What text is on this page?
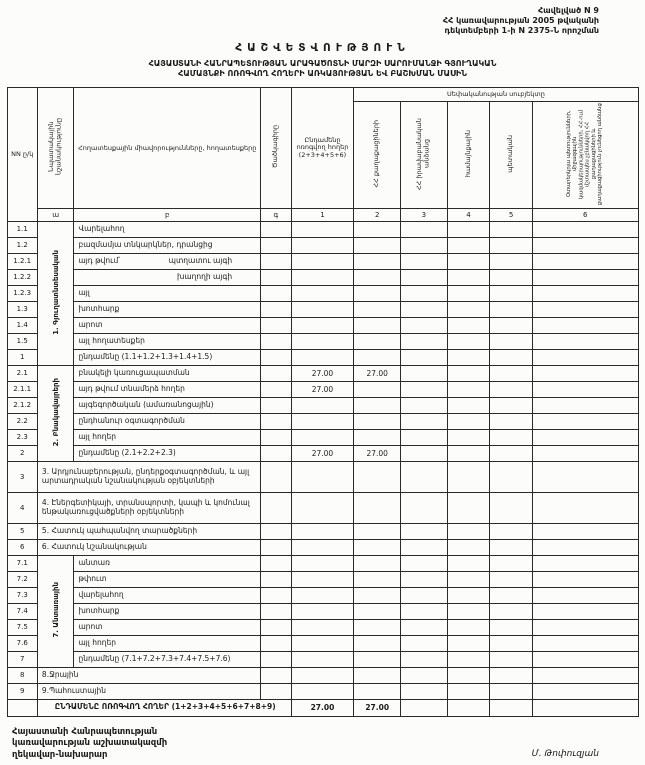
Հավելված N 9
ՀՀ կառավարության 2005 թվականի
դեկտեմբերի 1-ի N 2375-Ն որոշման
ՀԱՇՎԵՏՎՈՒԹՅՈՒՆ
ՀԱՅԱՍՏԱՆԻ ՀԱՆՐԱՊԵՏՈՒԹՅԱՆ ԱՐԱԳԱԾՈՏՆԻ ՄԱՐԶԻ ՍԱՐՈՒՄԱՆՋԻ ԳՅՈՒՂԱԿԱՆ
ՀԱՄԱՅՆՔԻ ՈՌՈԳՎՈՂ ՀՈՂԵՐԻ ԱՌԿԱՅՈՒԹՅԱՆ ԵՎ ԲԱՇԽՄԱՆ ՄԱՍԻՆ
NN ը/կ	Նպատակային նշանակությունը	Հողատեսքային միավորությունները, հողատեսքերը	Ծածկագիրը	Ընդամենը ոռոգվող հողեր (2+3+4+5+6)	Սեփականության սուբյեկտը				
					ՀՀ քաղաքացիների	ՀՀ իրավաբանական անձանց	համայնքային	պետական	Օտարերկրյա պետությունների, միջազգային կազմակերպությունների, ՀՀ-ում մշտապես չբնակվող ՀՀ քաղաքացիների և քաղաքացիություն չունեցող անձանց
	ա	բ	գ	1	2	3	4	5	6
1.1	1. Գյուղատնտեսական	Վարելահող							
1.2		բազմամյա տնկարկներ, դրանցից							
1.2.1		այդ թվում՝ պտղատու այգի							

1.2.2		խաղողի այգի							

1.2.3		այլ							
1.3		խոտհարք							
1.4		արոտ							
1.5		այլ հողատեսքեր							
1		ընդամենը (1.1+1.2+1.3+1.4+1.5)							
2.1	2. Բնակավայրերի	բնակելի կառուցապատման		27.00	27.00				
2.1.1		այդ թվում տնամերձ հողեր		27.00					
2.1.2		այգեգործական (ամառանոցային)							
2.2		ընդհանուր օգտագործման							
2.3		այլ հողեր							
2		ընդամենը (2.1+2.2+2.3)		27.00	27.00				
3	3. Արդյունաբերության, ընդերքօգտագործման, և այլ արտադրական նշանակության օբյեկտների								
4	4. Էներգետիկայի, տրանսպորտի, կապի և կոմունալ ենթակառուցվածքների օբյեկտների								
5	5. Հատուկ պահպանվող տարածքների								
6	6. Հատուկ նշանակության								
7.1	7. Անտառային	անտառ							
7.2		թփուտ							
7.3		վարելահող							
7.4		խոտհարք							
7.5		արոտ							
7.6		այլ հողեր							
7		ընդամենը (7.1+7.2+7.3+7.4+7.5+7.6)							
8	8.Ջրային								
9	9.Պահուստային								
	ԸՆԴԱՄԵՆԸ ՈՌՈԳՎՈՂ ՀՈՂԵՐ (1+2+3+4+5+6+7+8+9)			27.00	27.00				
Հայաստանի Հանրապետության
կառավարության աշխատակազմի
ղեկավար-նախարար	Մ. Թոփուզյան
